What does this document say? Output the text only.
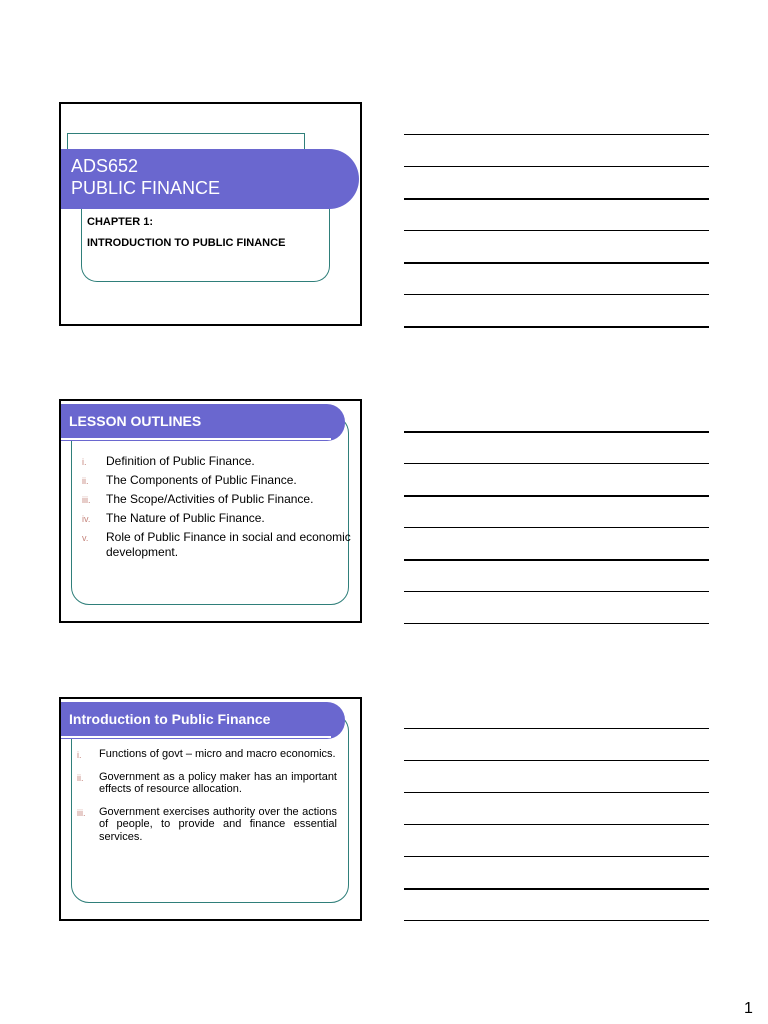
ADS652
PUBLIC FINANCE

CHAPTER 1:

INTRODUCTION TO PUBLIC FINANCE

LESSON OUTLINES
i. Definition of Public Finance.
ii. The Components of Public Finance.
iii. The Scope/Activities of Public Finance.
iv. The Nature of Public Finance.
v. Role of Public Finance in social and economic development.
Introduction to Public Finance
i. Functions of govt – micro and macro economics.
ii. Government as a policy maker has an important effects of resource allocation.
iii. Government exercises authority over the actions of people, to provide and finance essential services.

1
